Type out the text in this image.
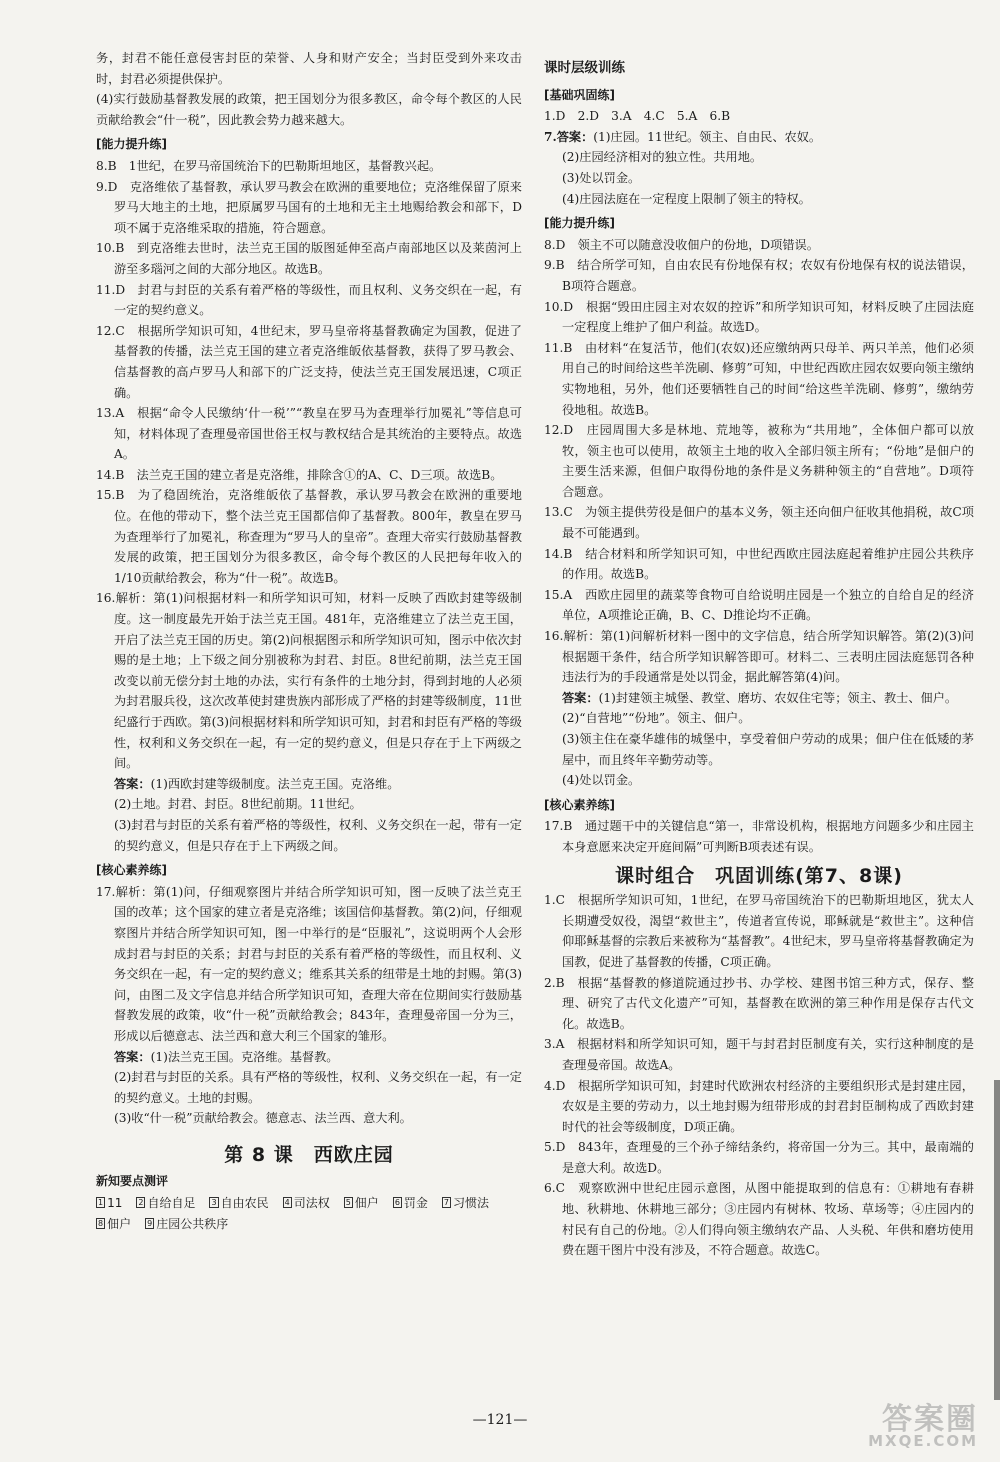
务，封君不能任意侵害封臣的荣誉、人身和财产安全；当封臣受到外来攻击时，封君必须提供保护。

(4)实行鼓励基督教发展的政策，把王国划分为很多教区，命令每个教区的人民贡献给教会“什一税”，因此教会势力越来越大。

[能力提升练]

8.B　1世纪，在罗马帝国统治下的巴勒斯坦地区，基督教兴起。

9.D　克洛维依了基督教，承认罗马教会在欧洲的重要地位；克洛维保留了原来罗马大地主的土地，把原属罗马国有的土地和无主土地赐给教会和部下，D项不属于克洛维采取的措施，符合题意。

10.B　到克洛维去世时，法兰克王国的版图延伸至高卢南部地区以及莱茵河上游至多瑙河之间的大部分地区。故选B。

11.D　封君与封臣的关系有着严格的等级性，而且权利、义务交织在一起，有一定的契约意义。

12.C　根据所学知识可知，4世纪末，罗马皇帝将基督教确定为国教，促进了基督教的传播，法兰克王国的建立者克洛维皈依基督教，获得了罗马教会、信基督教的高卢罗马人和部下的广泛支持，使法兰克王国发展迅速，C项正确。

13.A　根据“命令人民缴纳‘什一税’”“教皇在罗马为查理举行加冕礼”等信息可知，材料体现了查理曼帝国世俗王权与教权结合是其统治的主要特点。故选A。

14.B　法兰克王国的建立者是克洛维，排除含①的A、C、D三项。故选B。

15.B　为了稳固统治，克洛维皈依了基督教，承认罗马教会在欧洲的重要地位。在他的带动下，整个法兰克王国都信仰了基督教。800年，教皇在罗马为查理举行了加冕礼，称查理为“罗马人的皇帝”。查理大帝实行鼓励基督教发展的政策，把王国划分为很多教区，命令每个教区的人民把每年收入的1/10贡献给教会，称为“什一税”。故选B。

16.解析：第(1)问根据材料一和所学知识可知，材料一反映了西欧封建等级制度。这一制度最先开始于法兰克王国。481年，克洛维建立了法兰克王国，开启了法兰克王国的历史。第(2)问根据图示和所学知识可知，图示中依次封赐的是土地；上下级之间分别被称为封君、封臣。8世纪前期，法兰克王国改变以前无偿分封土地的办法，实行有条件的土地分封，得到封地的人必须为封君服兵役，这次改革使封建贵族内部形成了严格的封建等级制度，11世纪盛行于西欧。第(3)问根据材料和所学知识可知，封君和封臣有严格的等级性，权利和义务交织在一起，有一定的契约意义，但是只存在于上下两级之间。

答案：(1)西欧封建等级制度。法兰克王国。克洛维。

(2)土地。封君、封臣。8世纪前期。11世纪。

(3)封君与封臣的关系有着严格的等级性，权利、义务交织在一起，带有一定的契约意义，但是只存在于上下两级之间。

[核心素养练]

17.解析：第(1)问，仔细观察图片并结合所学知识可知，图一反映了法兰克王国的改革；这个国家的建立者是克洛维；该国信仰基督教。第(2)问，仔细观察图片并结合所学知识可知，图一中举行的是“臣服礼”，这说明两个人会形成封君与封臣的关系；封君与封臣的关系有着严格的等级性，而且权利、义务交织在一起，有一定的契约意义；维系其关系的纽带是土地的封赐。第(3)问，由图二及文字信息并结合所学知识可知，查理大帝在位期间实行鼓励基督教发展的政策，收“什一税”贡献给教会；843年，查理曼帝国一分为三，形成以后德意志、法兰西和意大利三个国家的雏形。

答案：(1)法兰克王国。克洛维。基督教。

(2)封君与封臣的关系。具有严格的等级性，权利、义务交织在一起，有一定的契约意义。土地的封赐。

(3)收“什一税”贡献给教会。德意志、法兰西、意大利。

第 8 课　西欧庄园
新知要点测评
1 11 2 自给自足 3 自由农民 4 司法权 5 佃户 6 罚金 7 习惯法
8 佃户 9 庄园公共秩序
课时层级训练
[基础巩固练]

1.D　2.D　3.A　4.C　5.A　6.B

7.答案：(1)庄园。11世纪。领主、自由民、农奴。

(2)庄园经济相对的独立性。共用地。

(3)处以罚金。

(4)庄园法庭在一定程度上限制了领主的特权。

[能力提升练]

8.D　领主不可以随意没收佃户的份地，D项错误。

9.B　结合所学可知，自由农民有份地保有权；农奴有份地保有权的说法错误，B项符合题意。

10.D　根据“毁田庄园主对农奴的控诉”和所学知识可知，材料反映了庄园法庭一定程度上维护了佃户利益。故选D。

11.B　由材料“在复活节，他们(农奴)还应缴纳两只母羊、两只羊羔，他们必须用自己的时间给这些羊洗刷、修剪”可知，中世纪西欧庄园农奴要向领主缴纳实物地租，另外，他们还要牺牲自己的时间“给这些羊洗刷、修剪”，缴纳劳役地租。故选B。

12.D　庄园周围大多是林地、荒地等，被称为“共用地”，全体佃户都可以放牧，领主也可以使用，故领主土地的收入全部归领主所有；“份地”是佃户的主要生活来源，但佃户取得份地的条件是义务耕种领主的“自营地”。D项符合题意。

13.C　为领主提供劳役是佃户的基本义务，领主还向佃户征收其他捐税，故C项最不可能遇到。

14.B　结合材料和所学知识可知，中世纪西欧庄园法庭起着维护庄园公共秩序的作用。故选B。

15.A　西欧庄园里的蔬菜等食物可自给说明庄园是一个独立的自给自足的经济单位，A项推论正确，B、C、D推论均不正确。

16.解析：第(1)问解析材料一图中的文字信息，结合所学知识解答。第(2)(3)问根据题干条件，结合所学知识解答即可。材料二、三表明庄园法庭惩罚各种违法行为的手段通常是处以罚金，据此解答第(4)问。

答案：(1)封建领主城堡、教堂、磨坊、农奴住宅等；领主、教士、佃户。

(2)“自营地”“份地”。领主、佃户。

(3)领主住在豪华雄伟的城堡中，享受着佃户劳动的成果；佃户住在低矮的茅屋中，而且终年辛勤劳动等。

(4)处以罚金。

[核心素养练]

17.B　通过题干中的关键信息“第一，非常设机构，根据地方问题多少和庄园主本身意愿来决定开庭间隔”可判断B项表述有误。

课时组合　巩固训练(第7、8课)

1.C　根据所学知识可知，1世纪，在罗马帝国统治下的巴勒斯坦地区，犹太人长期遭受奴役，渴望“救世主”，传道者宣传说，耶稣就是“救世主”。这种信仰耶稣基督的宗教后来被称为“基督教”。4世纪末，罗马皇帝将基督教确定为国教，促进了基督教的传播，C项正确。

2.B　根据“基督教的修道院通过抄书、办学校、建图书馆三种方式，保存、整理、研究了古代文化遗产”可知，基督教在欧洲的第三种作用是保存古代文化。故选B。

3.A　根据材料和所学知识可知，题干与封君封臣制度有关，实行这种制度的是查理曼帝国。故选A。

4.D　根据所学知识可知，封建时代欧洲农村经济的主要组织形式是封建庄园，农奴是主要的劳动力，以土地封赐为纽带形成的封君封臣制构成了西欧封建时代的社会等级制度，D项正确。

5.D　843年，查理曼的三个孙子缔结条约，将帝国一分为三。其中，最南端的是意大利。故选D。

6.C　观察欧洲中世纪庄园示意图，从图中能提取到的信息有：①耕地有春耕地、秋耕地、休耕地三部分；③庄园内有树林、牧场、草场等；④庄园内的村民有自己的份地。②人们得向领主缴纳农产品、人头税、年供和磨坊使用费在题干图片中没有涉及，不符合题意。故选C。

—121—	答案圈
MXQE.COM
